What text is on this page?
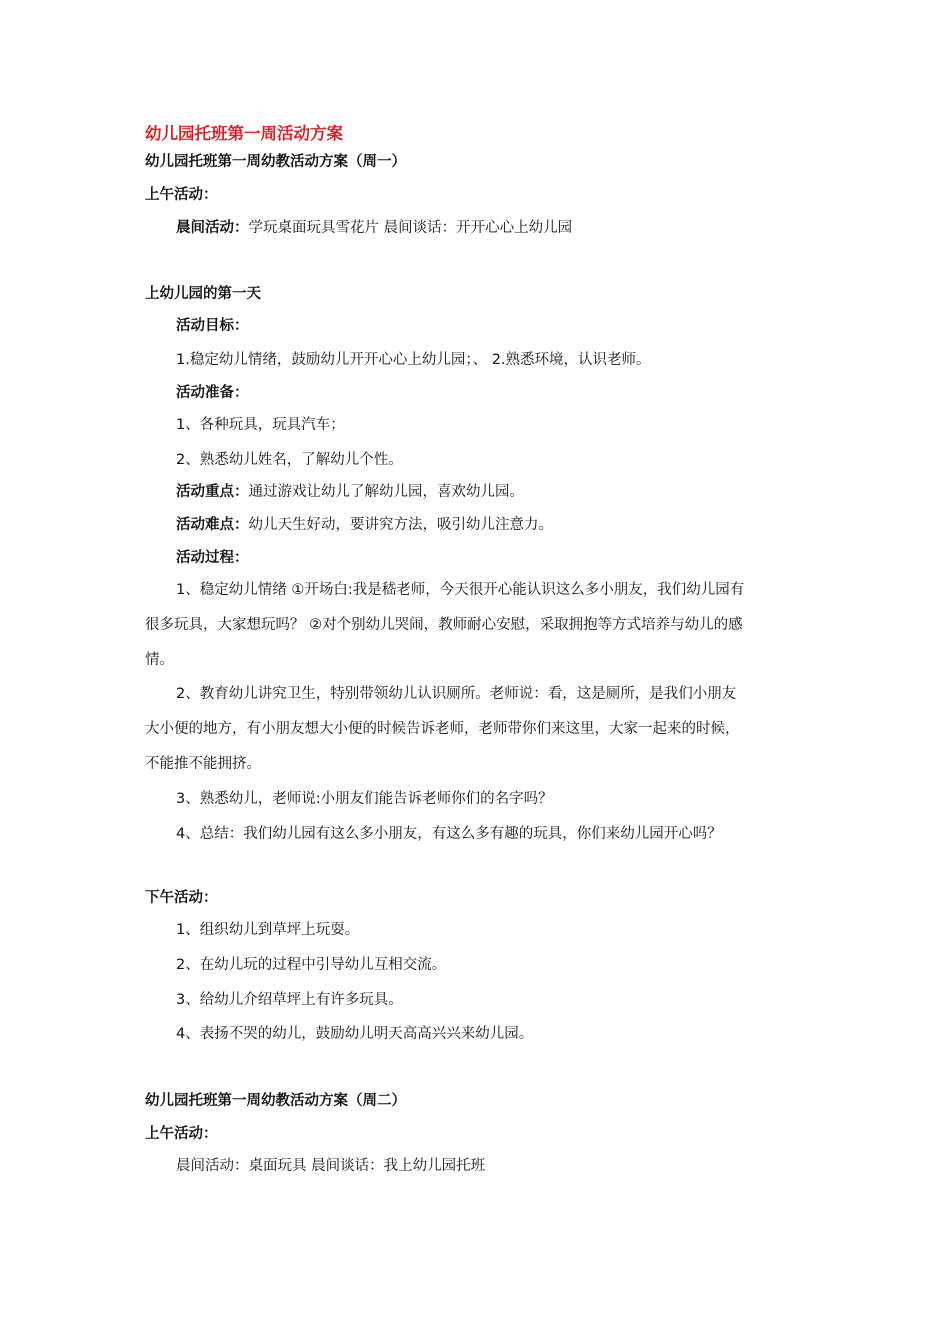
幼儿园托班第一周活动方案
幼儿园托班第一周幼教活动方案（周一）
上午活动：
晨间活动：学玩桌面玩具雪花片 晨间谈话：开开心心上幼儿园
上幼儿园的第一天
活动目标：
1.稳定幼儿情绪，鼓励幼儿开开心心上幼儿园；、 2.熟悉环境，认识老师。
活动准备：
1、各种玩具，玩具汽车；
2、熟悉幼儿姓名，了解幼儿个性。
活动重点：通过游戏让幼儿了解幼儿园，喜欢幼儿园。
活动难点：幼儿天生好动，要讲究方法，吸引幼儿注意力。
活动过程：
1、稳定幼儿情绪 ①开场白:我是嵇老师，今天很开心能认识这么多小朋友，我们幼儿园有
很多玩具，大家想玩吗？ ②对个别幼儿哭闹，教师耐心安慰，采取拥抱等方式培养与幼儿的感
情。
2、教育幼儿讲究卫生，特别带领幼儿认识厕所。老师说：看，这是厕所，是我们小朋友
大小便的地方，有小朋友想大小便的时候告诉老师，老师带你们来这里，大家一起来的时候，
不能推不能拥挤。
3、熟悉幼儿，老师说:小朋友们能告诉老师你们的名字吗？
4、总结：我们幼儿园有这么多小朋友，有这么多有趣的玩具，你们来幼儿园开心吗？
下午活动：
1、组织幼儿到草坪上玩耍。
2、在幼儿玩的过程中引导幼儿互相交流。
3、给幼儿介绍草坪上有许多玩具。
4、表扬不哭的幼儿，鼓励幼儿明天高高兴兴来幼儿园。
幼儿园托班第一周幼教活动方案（周二）
上午活动：
晨间活动：桌面玩具 晨间谈话：我上幼儿园托班
